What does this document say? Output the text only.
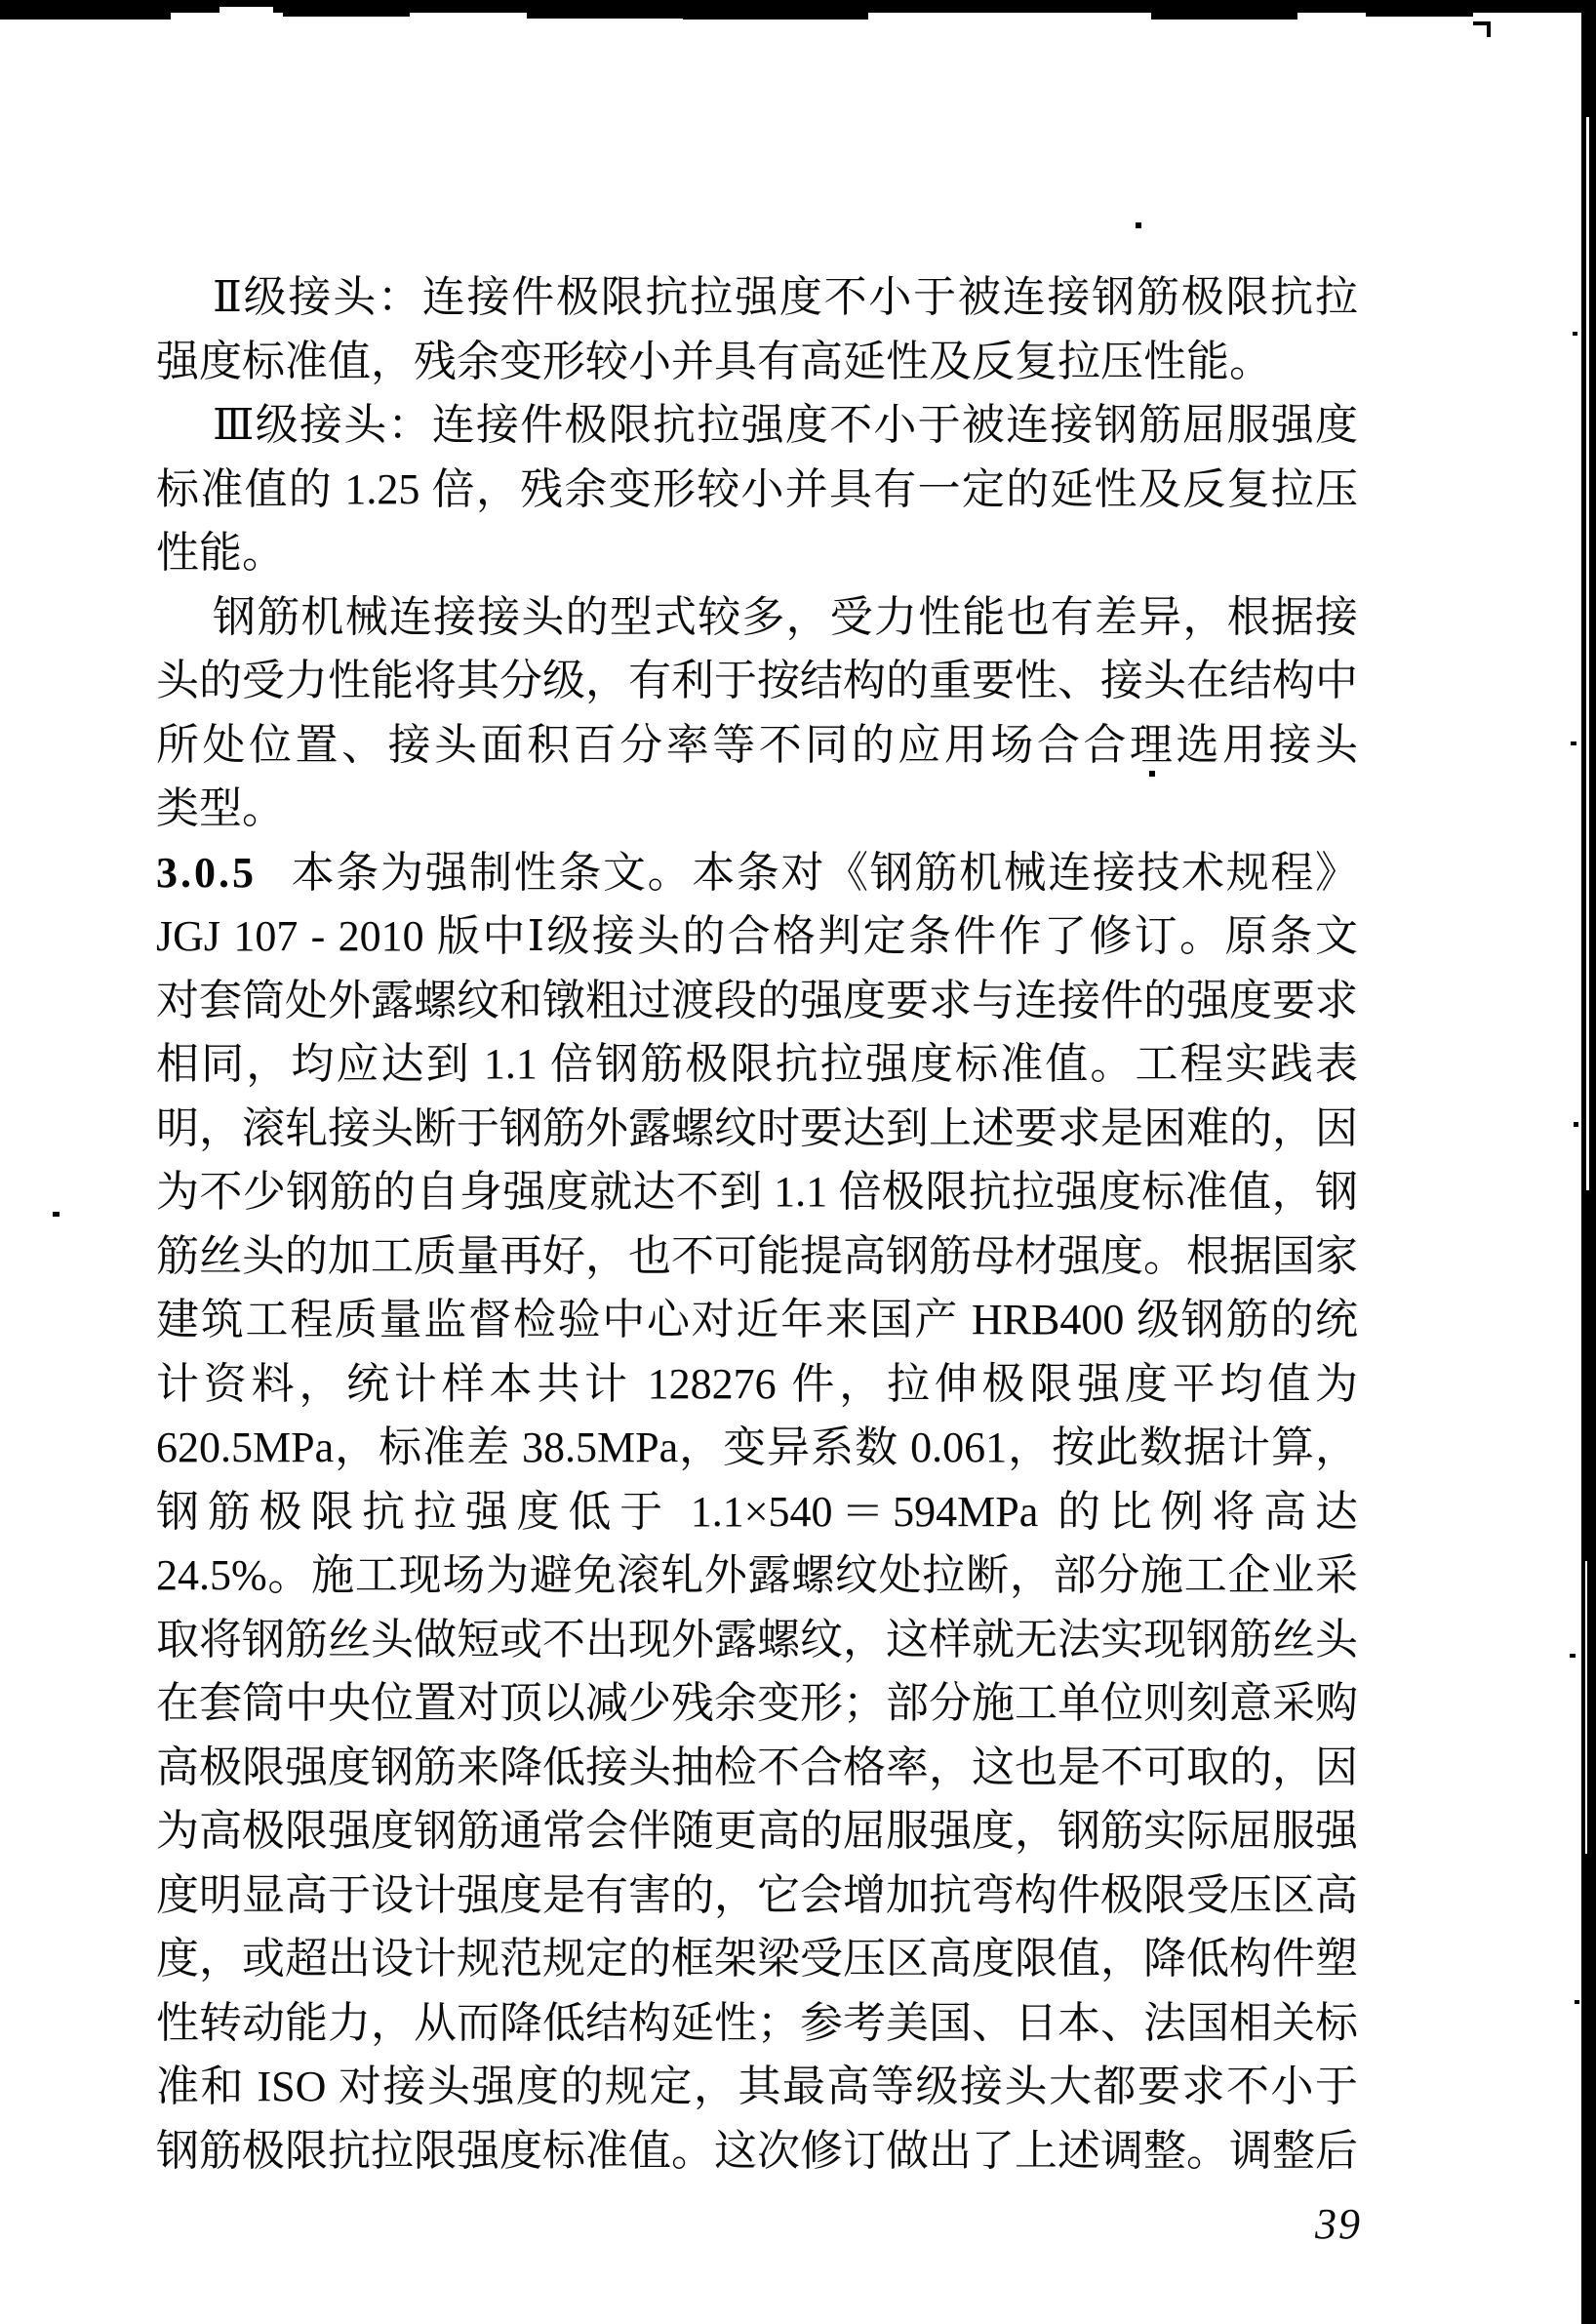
Ⅱ级接头：连接件极限抗拉强度不小于被连接钢筋极限抗拉
强度标准值，残余变形较小并具有高延性及反复拉压性能。
Ⅲ级接头：连接件极限抗拉强度不小于被连接钢筋屈服强度
标准值的 1.25 倍，残余变形较小并具有一定的延性及反复拉压
性能。
钢筋机械连接接头的型式较多，受力性能也有差异，根据接
头的受力性能将其分级，有利于按结构的重要性、接头在结构中
所处位置、接头面积百分率等不同的应用场合合理选用接头
类型。
3.0.5 本条为强制性条文。本条对《钢筋机械连接技术规程》
JGJ 107 - 2010 版中Ⅰ级接头的合格判定条件作了修订。原条文
对套筒处外露螺纹和镦粗过渡段的强度要求与连接件的强度要求
相同，均应达到 1.1 倍钢筋极限抗拉强度标准值。工程实践表
明，滚轧接头断于钢筋外露螺纹时要达到上述要求是困难的，因
为不少钢筋的自身强度就达不到 1.1 倍极限抗拉强度标准值，钢
筋丝头的加工质量再好，也不可能提高钢筋母材强度。根据国家
建筑工程质量监督检验中心对近年来国产 HRB400 级钢筋的统
计资料，统计样本共计 128276 件，拉伸极限强度平均值为
620.5MPa，标准差 38.5MPa，变异系数 0.061，按此数据计算，
钢筋极限抗拉强度低于 1.1×540＝594MPa 的比例将高达
24.5%。施工现场为避免滚轧外露螺纹处拉断，部分施工企业采
取将钢筋丝头做短或不出现外露螺纹，这样就无法实现钢筋丝头
在套筒中央位置对顶以减少残余变形；部分施工单位则刻意采购
高极限强度钢筋来降低接头抽检不合格率，这也是不可取的，因
为高极限强度钢筋通常会伴随更高的屈服强度，钢筋实际屈服强
度明显高于设计强度是有害的，它会增加抗弯构件极限受压区高
度，或超出设计规范规定的框架梁受压区高度限值，降低构件塑
性转动能力，从而降低结构延性；参考美国、日本、法国相关标
准和 ISO 对接头强度的规定，其最高等级接头大都要求不小于
钢筋极限抗拉限强度标准值。这次修订做出了上述调整。调整后
39
